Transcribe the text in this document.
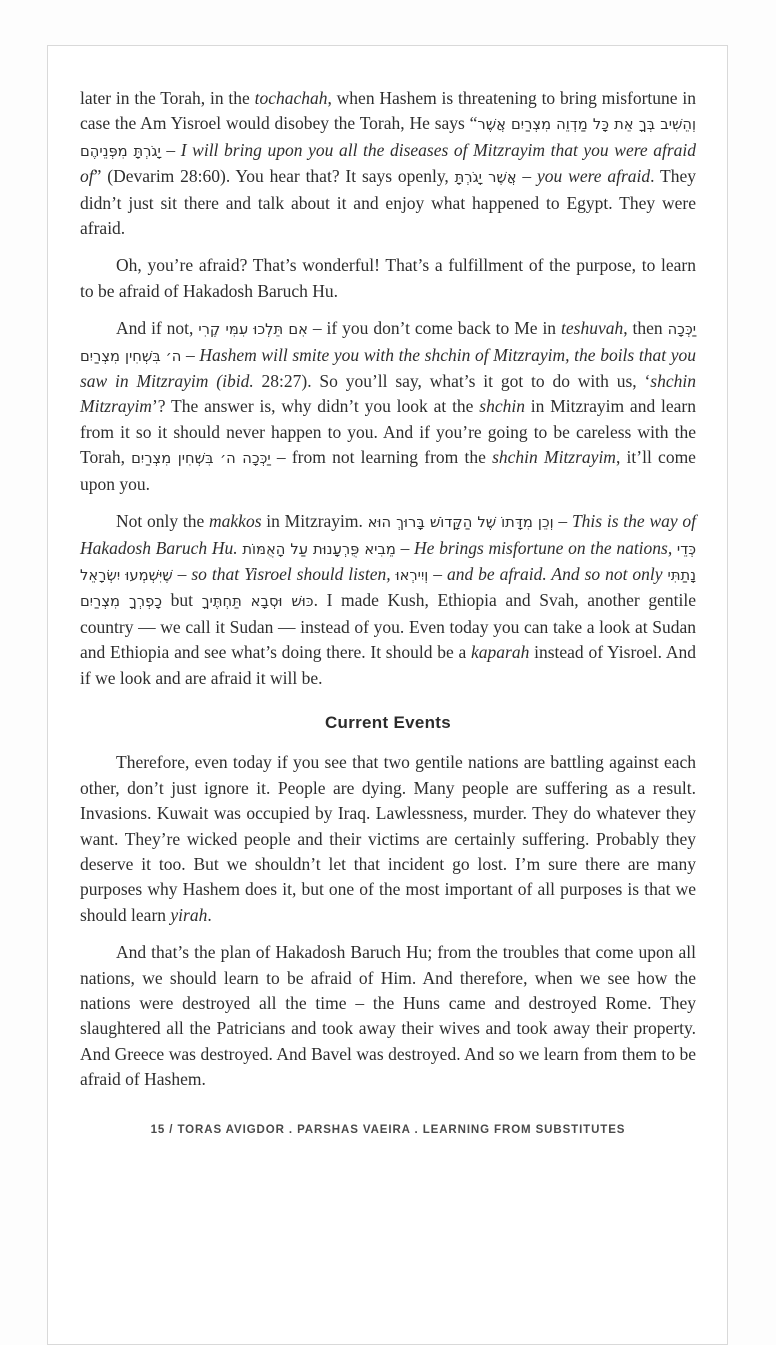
later in the Torah, in the tochachah, when Hashem is threatening to bring misfortune in case the Am Yisroel would disobey the Torah, He says “וְהֵשִׁיב בְּךָ אֵת כָּל מַדְוֵה מִצְרַיִם אֲשֶׁר יָגֹרְתָּ מִפְּנֵיהֶם – I will bring upon you all the diseases of Mitzrayim that you were afraid of” (Devarim 28:60). You hear that? It says openly, אֲשֶׁר יָגֹרְתָּ – you were afraid. They didn’t just sit there and talk about it and enjoy what happened to Egypt. They were afraid.

Oh, you’re afraid? That’s wonderful! That’s a fulfillment of the purpose, to learn to be afraid of Hakadosh Baruch Hu.

And if not, אִם תֵּלְכוּ עִמִּי קֶרִי – if you don’t come back to Me in teshuvah, then יַכְּכָה ה׳ בִּשְׁחִין מִצְרַיִם – Hashem will smite you with the shchin of Mitzrayim, the boils that you saw in Mitzrayim (ibid. 28:27). So you’ll say, what’s it got to do with us, ‘shchin Mitzrayim’? The answer is, why didn’t you look at the shchin in Mitzrayim and learn from it so it should never happen to you. And if you’re going to be careless with the Torah, יַכְּכָה ה׳ בִּשְׁחִין מִצְרַיִם – from not learning from the shchin Mitzrayim, it’ll come upon you.

Not only the makkos in Mitzrayim. וְכֵן מִדָּתוֹ שֶׁל הַקָּדוֹשׁ בָּרוּךְ הוּא – This is the way of Hakadosh Baruch Hu. מֵבִיא פֻּרְעָנוּת עַל הָאֻמּוֹת – He brings misfortune on the nations, כְּדֵי שֶׁיִּשְׁמְעוּ יִשְׂרָאֵל – so that Yisroel should listen, וְיִירְאוּ – and be afraid. And so not only נָתַתִּי כָפְרְךָ מִצְרַיִם but כּוּשׁ וּסְבָא תַּחְתֶּיךָ. I made Kush, Ethiopia and Svah, another gentile country — we call it Sudan — instead of you. Even today you can take a look at Sudan and Ethiopia and see what’s doing there. It should be a kaparah instead of Yisroel. And if we look and are afraid it will be.

Current Events

Therefore, even today if you see that two gentile nations are battling against each other, don’t just ignore it. People are dying. Many people are suffering as a result. Invasions. Kuwait was occupied by Iraq. Lawlessness, murder. They do whatever they want. They’re wicked people and their victims are certainly suffering. Probably they deserve it too. But we shouldn’t let that incident go lost. I’m sure there are many purposes why Hashem does it, but one of the most important of all purposes is that we should learn yirah.

And that’s the plan of Hakadosh Baruch Hu; from the troubles that come upon all nations, we should learn to be afraid of Him. And therefore, when we see how the nations were destroyed all the time – the Huns came and destroyed Rome. They slaughtered all the Patricians and took away their wives and took away their property. And Greece was destroyed. And Bavel was destroyed. And so we learn from them to be afraid of Hashem.

15 / TORAS AVIGDOR . PARSHAS VAEIRA . LEARNING FROM SUBSTITUTES
